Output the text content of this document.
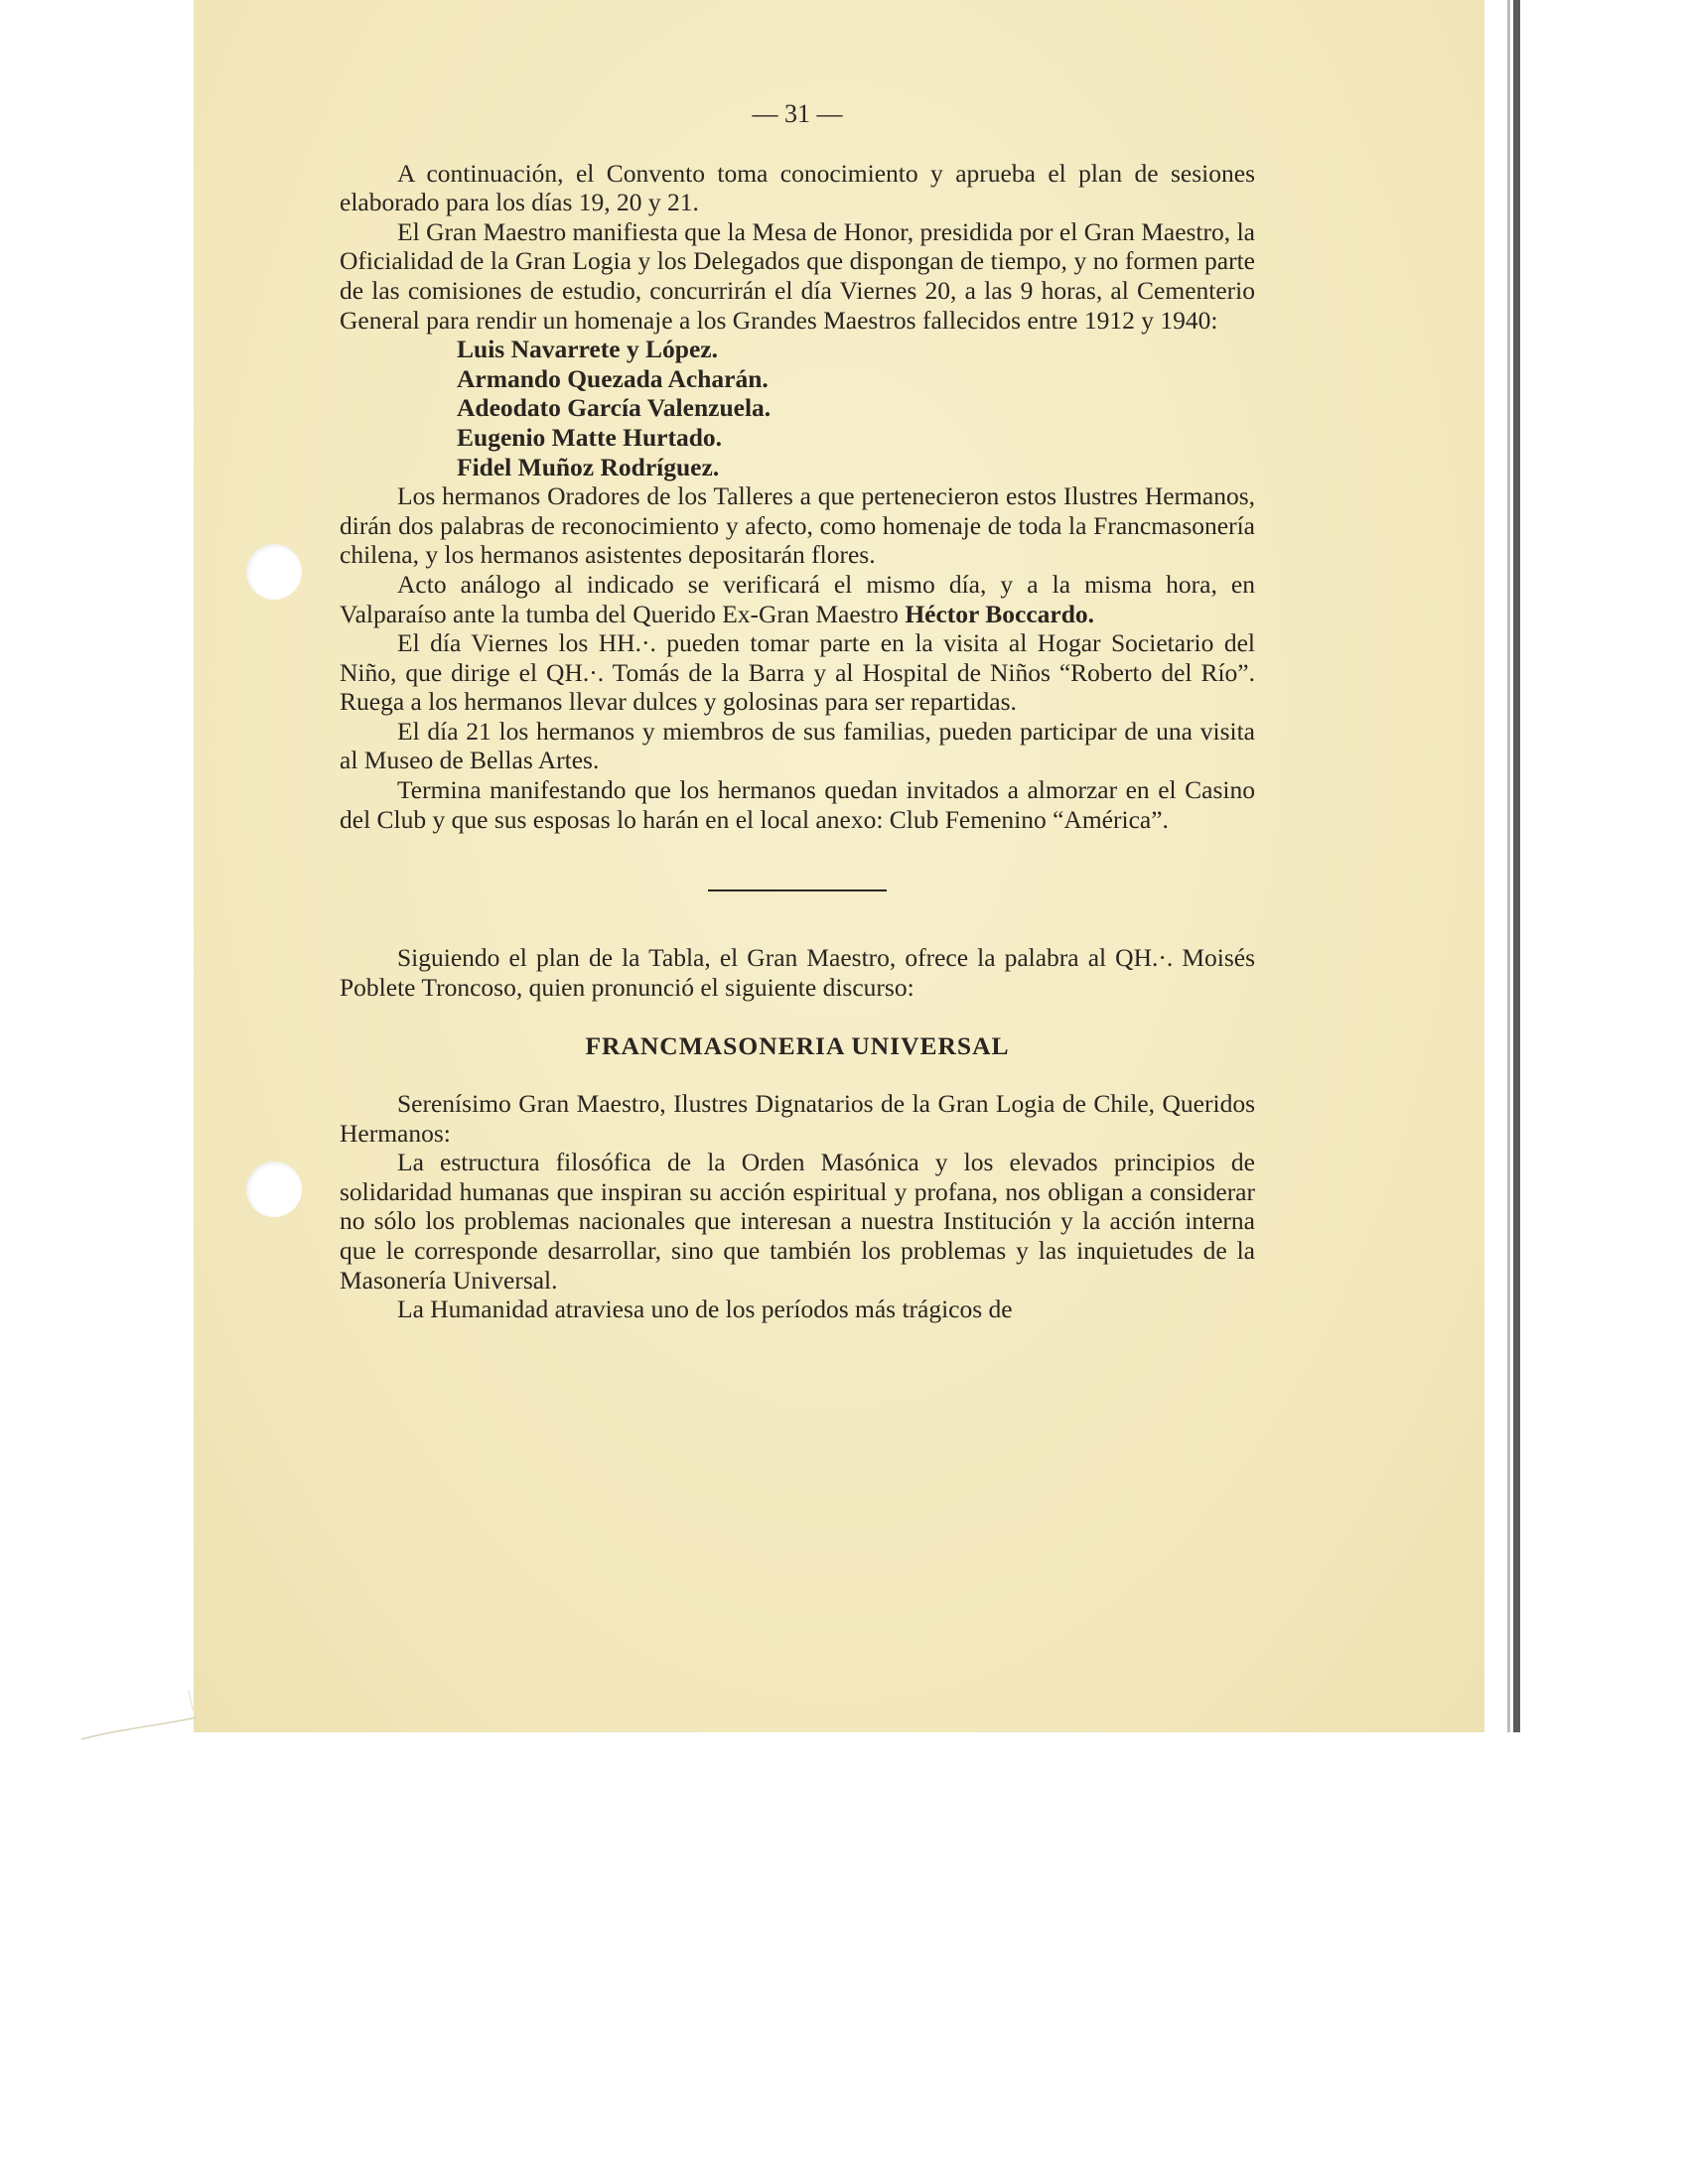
— 31 —

A continuación, el Convento toma conocimiento y aprueba el plan de sesiones elaborado para los días 19, 20 y 21.

El Gran Maestro manifiesta que la Mesa de Honor, presidida por el Gran Maestro, la Oficialidad de la Gran Logia y los Delegados que dispongan de tiempo, y no formen parte de las comisiones de estudio, concurrirán el día Viernes 20, a las 9 horas, al Cementerio General para rendir un homenaje a los Grandes Maestros fallecidos entre 1912 y 1940:

Luis Navarrete y López.
Armando Quezada Acharán.
Adeodato García Valenzuela.
Eugenio Matte Hurtado.
Fidel Muñoz Rodríguez.

Los hermanos Oradores de los Talleres a que pertenecieron estos Ilustres Hermanos, dirán dos palabras de reconocimiento y afecto, como homenaje de toda la Francmasonería chilena, y los hermanos asistentes depositarán flores.

Acto análogo al indicado se verificará el mismo día, y a la misma hora, en Valparaíso ante la tumba del Querido Ex-Gran Maestro Héctor Boccardo.

El día Viernes los HH.·. pueden tomar parte en la visita al Hogar Societario del Niño, que dirige el QH.·. Tomás de la Barra y al Hospital de Niños “Roberto del Río”. Ruega a los hermanos llevar dulces y golosinas para ser repartidas.

El día 21 los hermanos y miembros de sus familias, pueden participar de una visita al Museo de Bellas Artes.

Termina manifestando que los hermanos quedan invitados a almorzar en el Casino del Club y que sus esposas lo harán en el local anexo: Club Femenino “América”.

Siguiendo el plan de la Tabla, el Gran Maestro, ofrece la palabra al QH.·. Moisés Poblete Troncoso, quien pronunció el siguiente discurso:

FRANCMASONERIA UNIVERSAL

Serenísimo Gran Maestro, Ilustres Dignatarios de la Gran Logia de Chile, Queridos Hermanos:

La estructura filosófica de la Orden Masónica y los elevados principios de solidaridad humanas que inspiran su acción espiritual y profana, nos obligan a considerar no sólo los problemas nacionales que interesan a nuestra Institución y la acción interna que le corresponde desarrollar, sino que también los problemas y las inquietudes de la Masonería Universal.

La Humanidad atraviesa uno de los períodos más trágicos de
